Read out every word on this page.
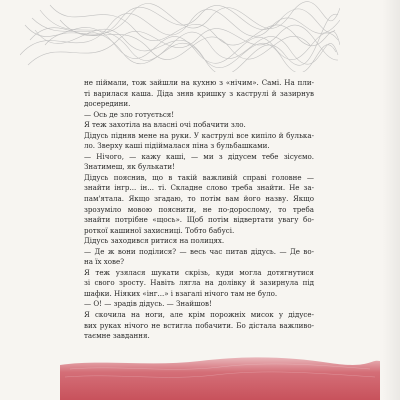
не піймали, тож зайшли на кухню з «нічим». Самі. На пли-
ті варилася каша. Діда зняв кришку з каструлі й зазирнув
досередини.
— Ось де зло готується!
Я теж захотіла на власні очі побачити зло.
Дідусь підняв мене на руки. У каструлі все кипіло й булька-
ло. Зверху каші підіймалася піна з бульбашками.
— Нічого, — кажу каші, — ми з дідусем тебе зісуємо.
Знатимеш, як булькати!
Дідусь пояснив, що в такій важливій справі головне —
знайти інгр... ін... ті. Складне слово треба знайти. Не за-
пам'ятала. Якщо згадаю, то потім вам його назву. Якщо
зрозуміло мовою пояснити, не по-дорослому, то треба
знайти потрібне «щось». Щоб потім відвертати увагу бо-
роткої кашиної захисниці. Тобто бабусі.
Дідусь заходився ритися на полицях.
— Де ж вони поділися? — весь час питав дідусь. — Де во-
на їх хове?
Я теж узялася шукати скрізь, куди могла дотягнутися
зі свого зросту. Навіть лягла на долівку й зазирнула під
шафки. Ніяких «інг...» і взагалі нічого там не було.
— О! — зрадів дідусь. — Знайшов!
Я скочила на ноги, але крім порожніх мисок у дідусе-
вих руках нічого не встигла побачити. Бо дістала важливо-
таємне завдання.
